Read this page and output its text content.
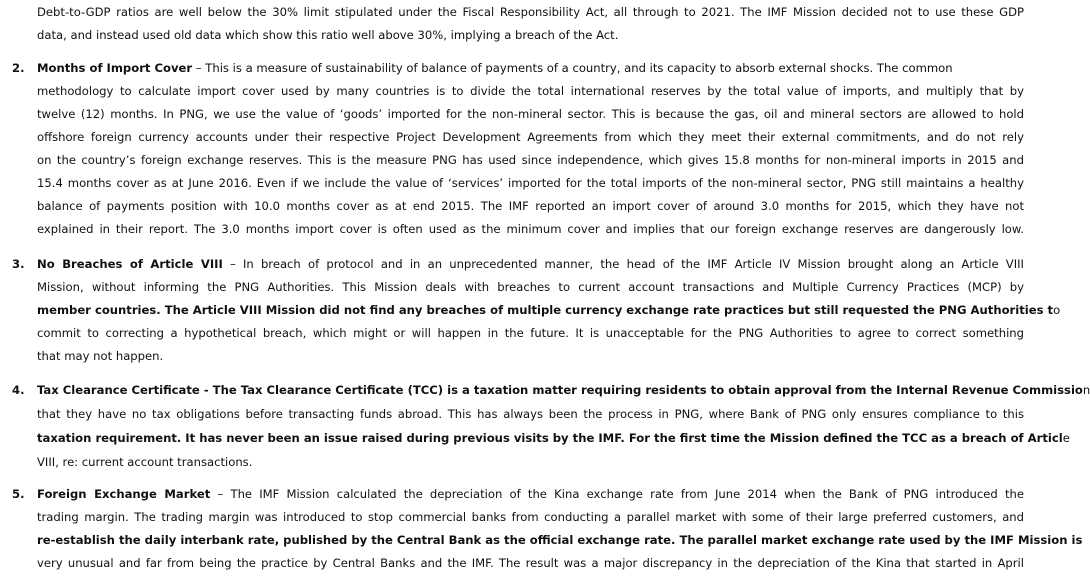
Debt-to-GDP ratios are well below the 30% limit stipulated under the Fiscal Responsibility Act, all through to 2021. The IMF Mission decided not to use these GDP
data, and instead used old data which show this ratio well above 30%, implying a breach of the Act.
2.	Months of Import Cover – This is a measure of sustainability of balance of payments of a country, and its capacity to absorb external shocks. The common
methodology to calculate import cover used by many countries is to divide the total international reserves by the total value of imports, and multiply that by
twelve (12) months. In PNG, we use the value of ‘goods’ imported for the non-mineral sector. This is because the gas, oil and mineral sectors are allowed to hold
offshore foreign currency accounts under their respective Project Development Agreements from which they meet their external commitments, and do not rely
on the country’s foreign exchange reserves. This is the measure PNG has used since independence, which gives 15.8 months for non-mineral imports in 2015 and
15.4 months cover as at June 2016. Even if we include the value of ‘services’ imported for the total imports of the non-mineral sector, PNG still maintains a healthy
balance of payments position with 10.0 months cover as at end 2015. The IMF reported an import cover of around 3.0 months for 2015, which they have not
explained in their report. The 3.0 months import cover is often used as the minimum cover and implies that our foreign exchange reserves are dangerously low.
3.	No Breaches of Article VIII – In breach of protocol and in an unprecedented manner, the head of the IMF Article IV Mission brought along an Article VIII
Mission, without informing the PNG Authorities. This Mission deals with breaches to current account transactions and Multiple Currency Practices (MCP) by
member countries. The Article VIII Mission did not find any breaches of multiple currency exchange rate practices but still requested the PNG Authorities to
commit to correcting a hypothetical breach, which might or will happen in the future. It is unacceptable for the PNG Authorities to agree to correct something
that may not happen.
4.	Tax Clearance Certificate - The Tax Clearance Certificate (TCC) is a taxation matter requiring residents to obtain approval from the Internal Revenue Commission
that they have no tax obligations before transacting funds abroad. This has always been the process in PNG, where Bank of PNG only ensures compliance to this
taxation requirement. It has never been an issue raised during previous visits by the IMF. For the first time the Mission defined the TCC as a breach of Article
VIII, re: current account transactions.
5.	Foreign Exchange Market – The IMF Mission calculated the depreciation of the Kina exchange rate from June 2014 when the Bank of PNG introduced the
trading margin. The trading margin was introduced to stop commercial banks from conducting a parallel market with some of their large preferred customers, and
re-establish the daily interbank rate, published by the Central Bank as the official exchange rate. The parallel market exchange rate used by the IMF Mission is
very unusual and far from being the practice by Central Banks and the IMF. The result was a major discrepancy in the depreciation of the Kina that started in April
